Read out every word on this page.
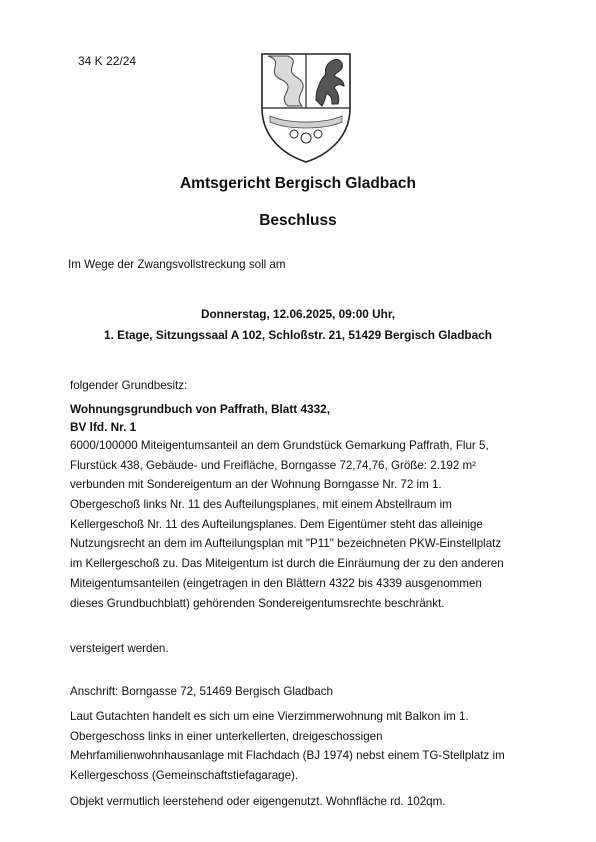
34 K 22/24
Amtsgericht Bergisch Gladbach
Beschluss
Im Wege der Zwangsvollstreckung soll am
Donnerstag, 12.06.2025, 09:00 Uhr,
1. Etage, Sitzungssaal A 102, Schloßstr. 21, 51429 Bergisch Gladbach
folgender Grundbesitz:
Wohnungsgrundbuch von Paffrath, Blatt 4332,
BV lfd. Nr. 1
6000/100000 Miteigentumsanteil an dem Grundstück Gemarkung Paffrath, Flur 5,
Flurstück 438, Gebäude- und Freifläche, Borngasse 72,74,76, Größe: 2.192 m²
verbunden mit Sondereigentum an der Wohnung Borngasse Nr. 72 im 1.
Obergeschoß links Nr. 11 des Aufteilungsplanes, mit einem Abstellraum im
Kellergeschoß Nr. 11 des Aufteilungsplanes. Dem Eigentümer steht das alleinige
Nutzungsrecht an dem im Aufteilungsplan mit "P11" bezeichneten PKW-Einstellplatz
im Kellergeschoß zu. Das Miteigentum ist durch die Einräumung der zu den anderen
Miteigentumsanteilen (eingetragen in den Blättern 4322 bis 4339 ausgenommen
dieses Grundbuchblatt) gehörenden Sondereigentumsrechte beschränkt.
versteigert werden.
Anschrift: Borngasse 72, 51469 Bergisch Gladbach
Laut Gutachten handelt es sich um eine Vierzimmerwohnung mit Balkon im 1.
Obergeschoss links in einer unterkellerten, dreigeschossigen
Mehrfamilienwohnhausanlage mit Flachdach (BJ 1974) nebst einem TG-Stellplatz im
Kellergeschoss (Gemeinschaftstiefagarage).
Objekt vermutlich leerstehend oder eigengenutzt. Wohnfläche rd. 102qm.
